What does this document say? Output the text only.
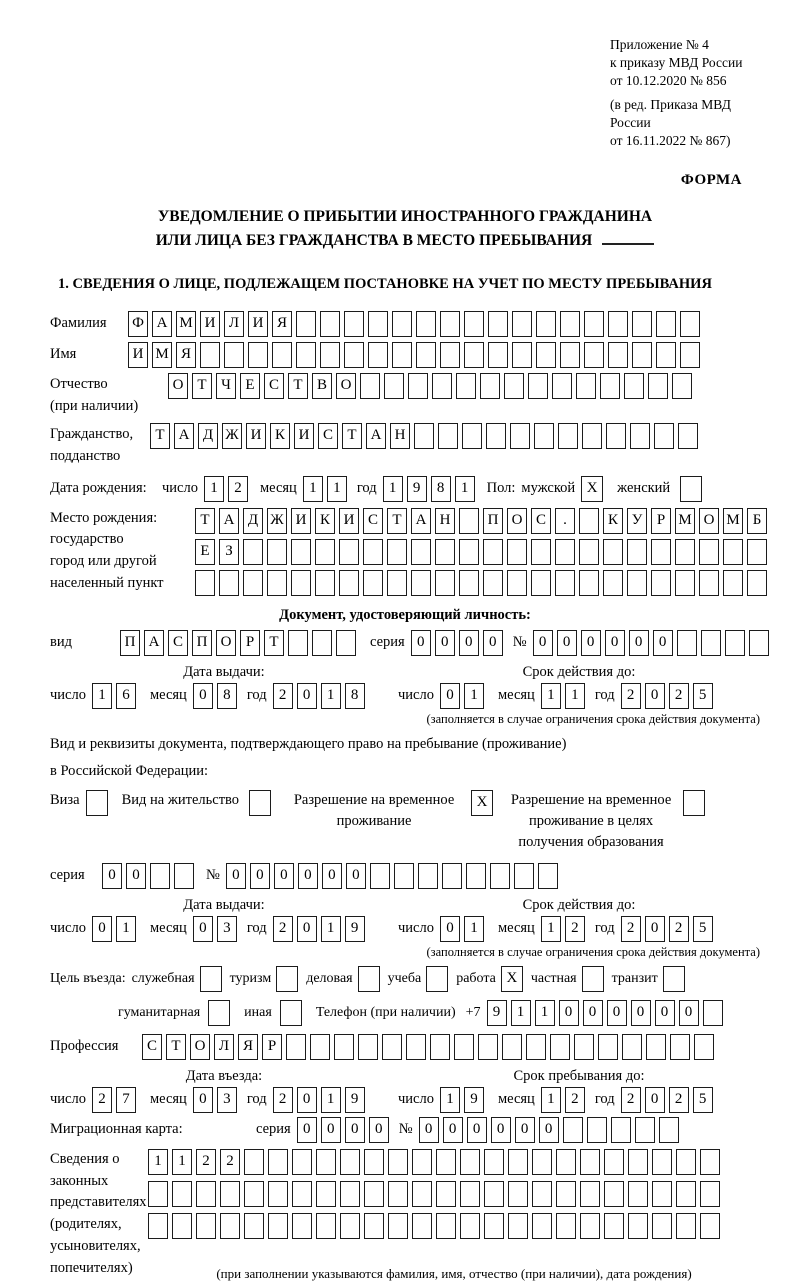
Приложение № 4
к приказу МВД России
от 10.12.2020 № 856
(в ред. Приказа МВД России
от 16.11.2022 № 867)
ФОРМА
УВЕДОМЛЕНИЕ О ПРИБЫТИИ ИНОСТРАННОГО ГРАЖДАНИНА
ИЛИ ЛИЦА БЕЗ ГРАЖДАНСТВА В МЕСТО ПРЕБЫВАНИЯ
1. СВЕДЕНИЯ О ЛИЦЕ, ПОДЛЕЖАЩЕМ ПОСТАНОВКЕ НА УЧЕТ ПО МЕСТУ ПРЕБЫВАНИЯ
Фамилия	Ф А М И Л И Я
Имя	И М Я
Отчество
(при наличии)
О Т Ч Е С Т В О
Гражданство,
подданство
Т А Д Ж И К И С Т А Н
Дата рождения:	число 1	2	месяц 1	1	год 1	9	8	1	Пол: мужской X	женский
Место рождения:
государство
город или другой
населенный пункт
Т А Д Ж И К И С Т А Н	П О С	.	К У Р М О М Б

Е	З

Документ, удостоверяющий личность:
вид	П А С П О Р	Т	серия 0	0	0	0	№ 0	0	0	0	0	0
Дата выдачи:
число 1	6	месяц 0	8	год 2	0	1	8
Срок действия до:
число 0	1	месяц 1	1	год 2	0	2	5
(заполняется в случае ограничения срока действия документа)
Вид и реквизиты документа, подтверждающего право на пребывание (проживание)
в Российской Федерации:
Виза	Вид на жительство	Разрешение на временное проживание
X	Разрешение на временное проживание в целях получения образования
серия	0	0	№ 0	0	0	0	0	0
Дата выдачи:
число 0	1	месяц 0	3	год 2	0	1	9
Срок действия до:
число 0	1	месяц 1	2	год 2	0	2	5
(заполняется в случае ограничения срока действия документа)
Цель въезда: служебная	туризм	деловая	учеба	работа X частная	транзит
гуманитарная	иная	Телефон (при наличии) +7 9	1	1	0	0	0	0	0	0
Профессия	С Т О Л Я Р
Дата въезда:
число 2	7	месяц 0	3	год 2	0	1	9
Срок пребывания до:
число 1	9	месяц 1	2	год 2	0	2	5
Миграционная карта:	серия 0	0	0	0	№ 0	0	0	0	0	0
Сведения о
законных
представителях
(родителях,
усыновителях,
попечителях)
1	1	2	2

(при заполнении указываются фамилия, имя, отчество (при наличии), дата рождения)
